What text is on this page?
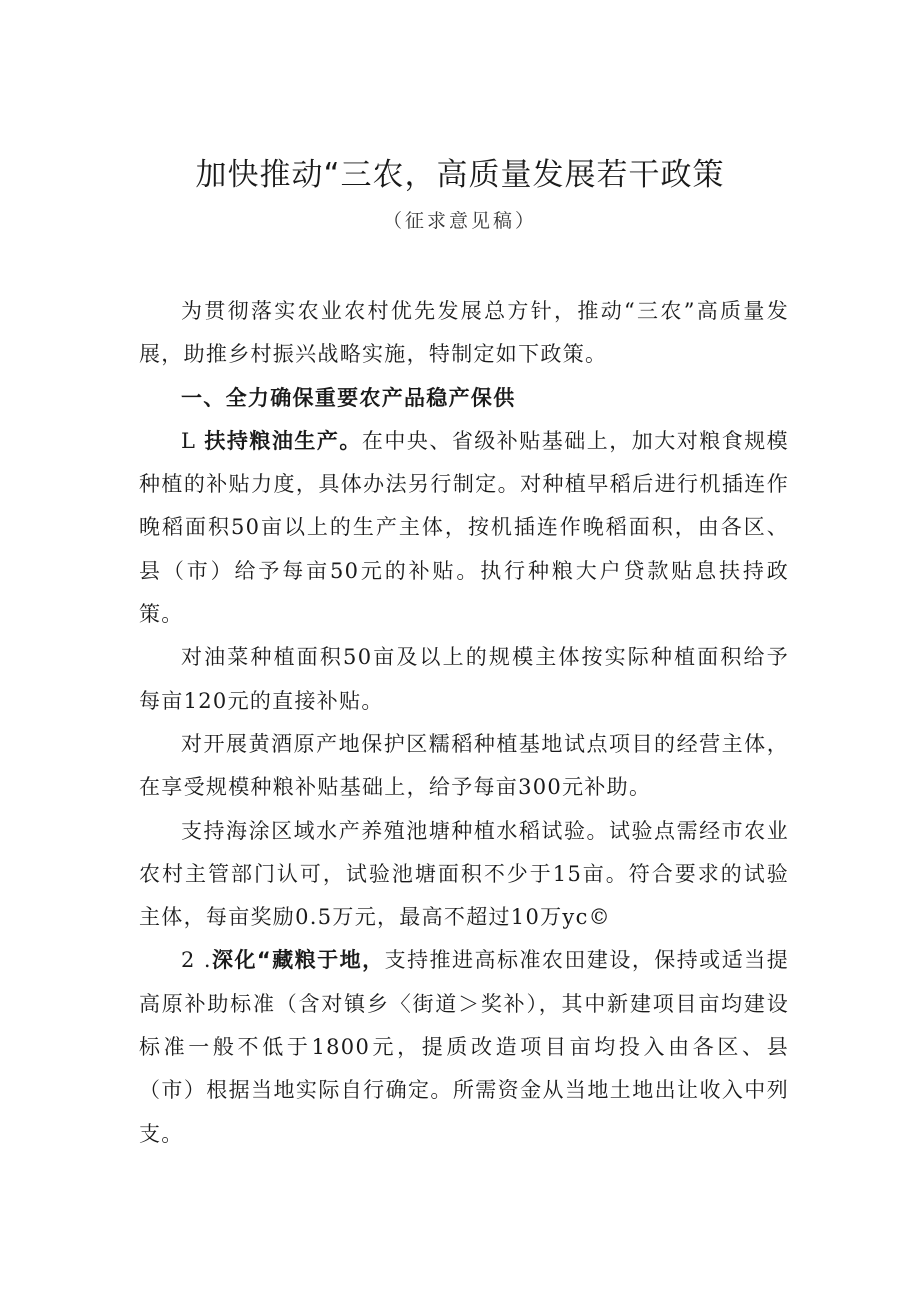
加快推动“三农，高质量发展若干政策
（征求意见稿）

为贯彻落实农业农村优先发展总方针，推动“三农”高质量发展，助推乡村振兴战略实施，特制定如下政策。

一、全力确保重要农产品稳产保供

L 扶持粮油生产。在中央、省级补贴基础上，加大对粮食规模种植的补贴力度，具体办法另行制定。对种植早稻后进行机插连作晚稻面积50亩以上的生产主体，按机插连作晚稻面积，由各区、县（市）给予每亩50元的补贴。执行种粮大户贷款贴息扶持政策。

对油菜种植面积50亩及以上的规模主体按实际种植面积给予每亩120元的直接补贴。

对开展黄酒原产地保护区糯稻种植基地试点项目的经营主体，在享受规模种粮补贴基础上，给予每亩300元补助。

支持海涂区域水产养殖池塘种植水稻试验。试验点需经市农业农村主管部门认可，试验池塘面积不少于15亩。符合要求的试验主体，每亩奖励0.5万元，最高不超过10万yc©

2 .深化“藏粮于地，支持推进高标准农田建设，保持或适当提高原补助标准（含对镇乡〈街道＞奖补），其中新建项目亩均建设标准一般不低于1800元，提质改造项目亩均投入由各区、县（市）根据当地实际自行确定。所需资金从当地土地出让收入中列支。
